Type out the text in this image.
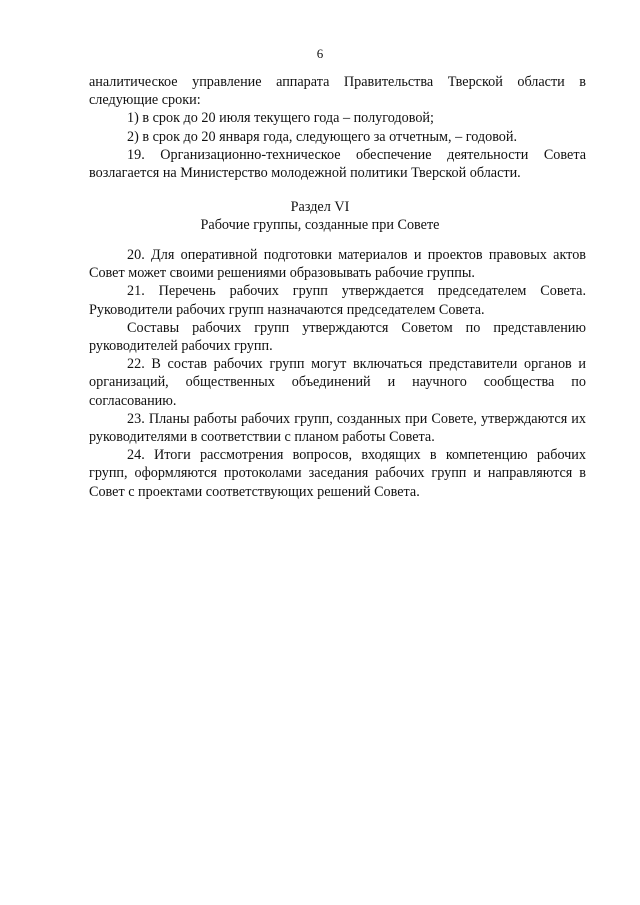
6

аналитическое управление аппарата Правительства Тверской области в следующие сроки:

1) в срок до 20 июля текущего года – полугодовой;

2) в срок до 20 января года, следующего за отчетным, – годовой.

19. Организационно-техническое обеспечение деятельности Совета возлагается на Министерство молодежной политики Тверской области.

Раздел VI
Рабочие группы, созданные при Совете

20. Для оперативной подготовки материалов и проектов правовых актов Совет может своими решениями образовывать рабочие группы.

21. Перечень рабочих групп утверждается председателем Совета. Руководители рабочих групп назначаются председателем Совета.

Составы рабочих групп утверждаются Советом по представлению руководителей рабочих групп.

22. В состав рабочих групп могут включаться представители органов и организаций, общественных объединений и научного сообщества по согласованию.

23. Планы работы рабочих групп, созданных при Совете, утверждаются их руководителями в соответствии с планом работы Совета.

24. Итоги рассмотрения вопросов, входящих в компетенцию рабочих групп, оформляются протоколами заседания рабочих групп и направляются в Совет с проектами соответствующих решений Совета.
